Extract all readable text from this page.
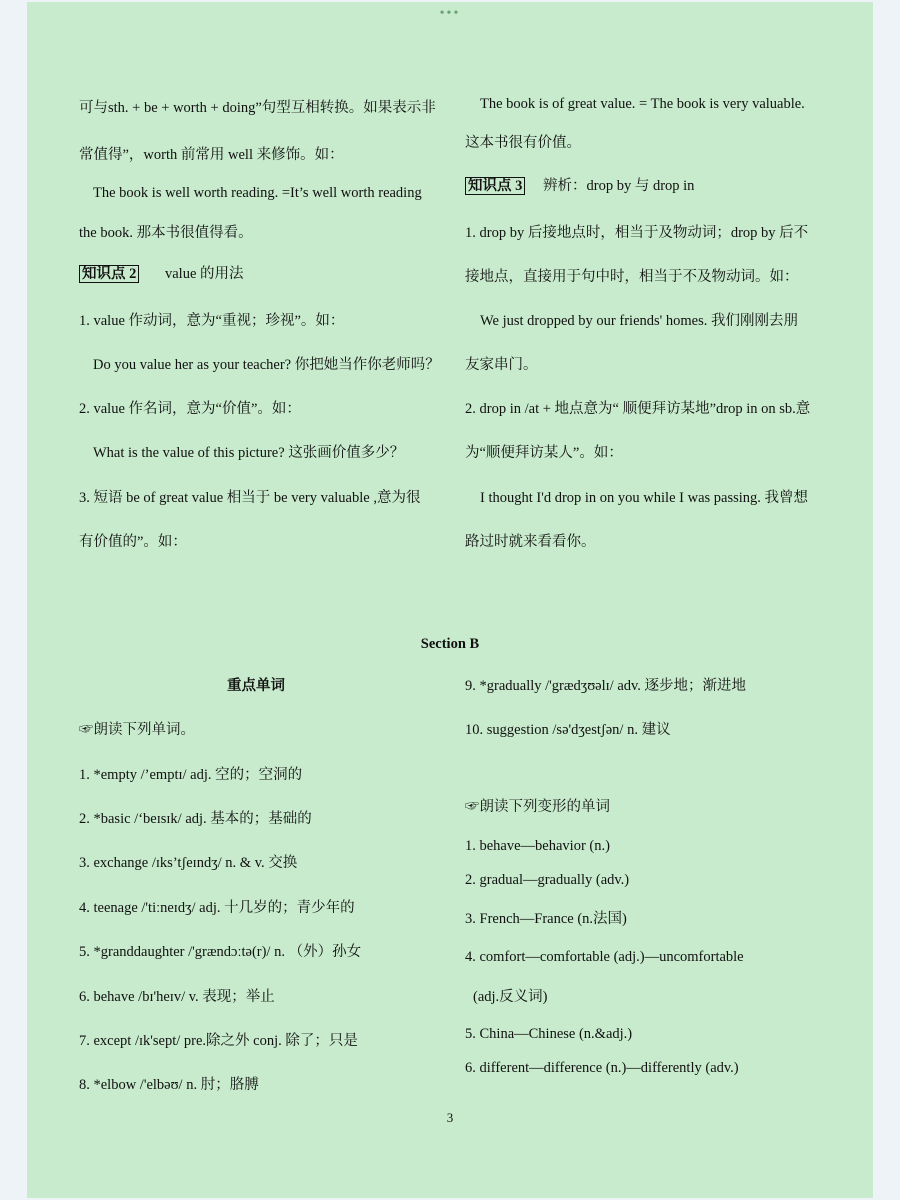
•••
可与sth. + be + worth + doing”句型互相转换。如果表示非
常值得”，worth 前常用 well 来修饰。如：
The book is well worth reading. =It’s well worth reading
the book. 那本书很值得看。
知识点 2 value 的用法
1. value 作动词，意为“重视；珍视”。如：
Do you value her as your teacher? 你把她当作你老师吗？
2. value 作名词，意为“价值”。如：
What is the value of this picture? 这张画价值多少？
3. 短语 be of great value 相当于 be very valuable ,意为很
有价值的”。如：
The book is of great value. = The book is very valuable.
这本书很有价值。
知识点 3 辨析：drop by 与 drop in
1. drop by 后接地点时，相当于及物动词；drop by 后不
接地点，直接用于句中时，相当于不及物动词。如：
We just dropped by our friends' homes. 我们刚刚去朋
友家串门。
2. drop in /at + 地点意为“ 顺便拜访某地”drop in on sb.意
为“顺便拜访某人”。如：
I thought I'd drop in on you while I was passing. 我曾想
路过时就来看看你。
Section B
重点单词
☞朗读下列单词。
1. *empty /’emptɪ/ adj. 空的；空洞的
2. *basic /‘beɪsɪk/ adj. 基本的；基础的
3. exchange /ɪks’tʃeɪndʒ/ n. & v. 交换
4. teenage /'tiːneɪdʒ/ adj. 十几岁的；青少年的
5. *granddaughter /'grændɔːtə(r)/ n. （外）孙女
6. behave /bɪ'heɪv/ v. 表现；举止
7. except /ɪk'sept/ pre.除之外 conj. 除了；只是
8. *elbow /'elbəʊ/ n. 肘；胳膊
9. *gradually /'grædʒʊəlɪ/ adv. 逐步地；渐进地
10. suggestion /sə'dʒestʃən/ n. 建议
☞朗读下列变形的单词
1. behave—behavior (n.)
2. gradual—gradually (adv.)
3. French—France (n.法国)
4. comfort—comfortable (adj.)—uncomfortable
(adj.反义词)
5. China—Chinese (n.&adj.)
6. different—difference (n.)—differently (adv.)
3
